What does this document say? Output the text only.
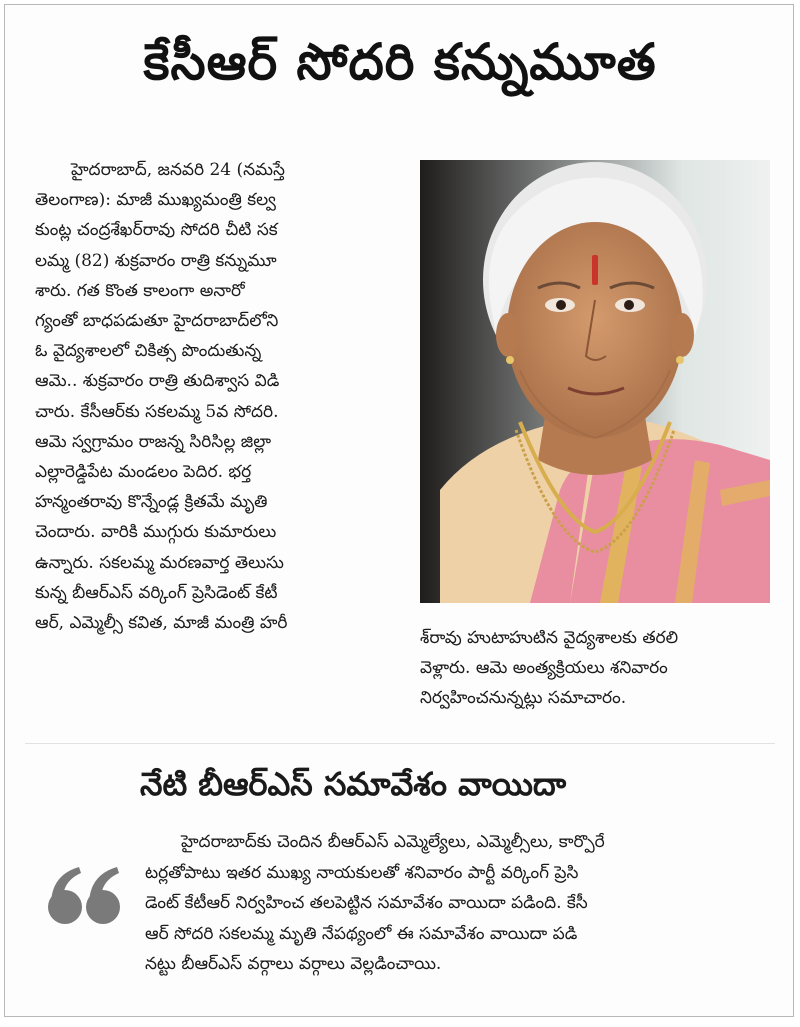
కేసీఆర్ సోదరి కన్నుమూత
హైదరాబాద్, జనవరి 24 (నమస్తే
తెలంగాణ): మాజీ ముఖ్యమంత్రి కల్వ
కుంట్ల చంద్రశేఖర్‌రావు సోదరి చీటి సక
లమ్మ (82) శుక్రవారం రాత్రి కన్నుమూ
శారు. గత కొంత కాలంగా అనారో
గ్యంతో బాధపడుతూ హైదరాబాద్‌లోని
ఓ వైద్యశాలలో చికిత్స పొందుతున్న
ఆమె.. శుక్రవారం రాత్రి తుదిశ్వాస విడి
చారు. కేసీఆర్‌కు సకలమ్మ 5వ సోదరి.
ఆమె స్వగ్రామం రాజన్న సిరిసిల్ల జిల్లా
ఎల్లారెడ్డిపేట మండలం పెదిర. భర్త
హన్మంతరావు కొన్నేండ్ల క్రితమే మృతి
చెందారు. వారికి ముగ్గురు కుమారులు
ఉన్నారు. సకలమ్మ మరణవార్త తెలుసు
కున్న బీఆర్‌ఎస్ వర్కింగ్ ప్రెసిడెంట్ కేటీ
ఆర్, ఎమ్మెల్సీ కవిత, మాజీ మంత్రి హరీ
శ్‌రావు హుటాహుటిన వైద్యశాలకు తరలి
వెళ్లారు. ఆమె అంత్యక్రియలు శనివారం
నిర్వహించనున్నట్లు సమాచారం.
నేటి బీఆర్‌ఎస్ సమావేశం వాయిదా
హైదరాబాద్‌కు చెందిన బీఆర్‌ఎస్ ఎమ్మెల్యేలు, ఎమ్మెల్సీలు, కార్పొరే
టర్లతోపాటు ఇతర ముఖ్య నాయకులతో శనివారం పార్టీ వర్కింగ్ ప్రెసి
డెంట్ కేటీఆర్ నిర్వహించ తలపెట్టిన సమావేశం వాయిదా పడింది. కేసీ
ఆర్ సోదరి సకలమ్మ మృతి నేపథ్యంలో ఈ సమావేశం వాయిదా పడి
నట్టు బీఆర్‌ఎస్ వర్గాలు వర్గాలు వెల్లడించాయి.
